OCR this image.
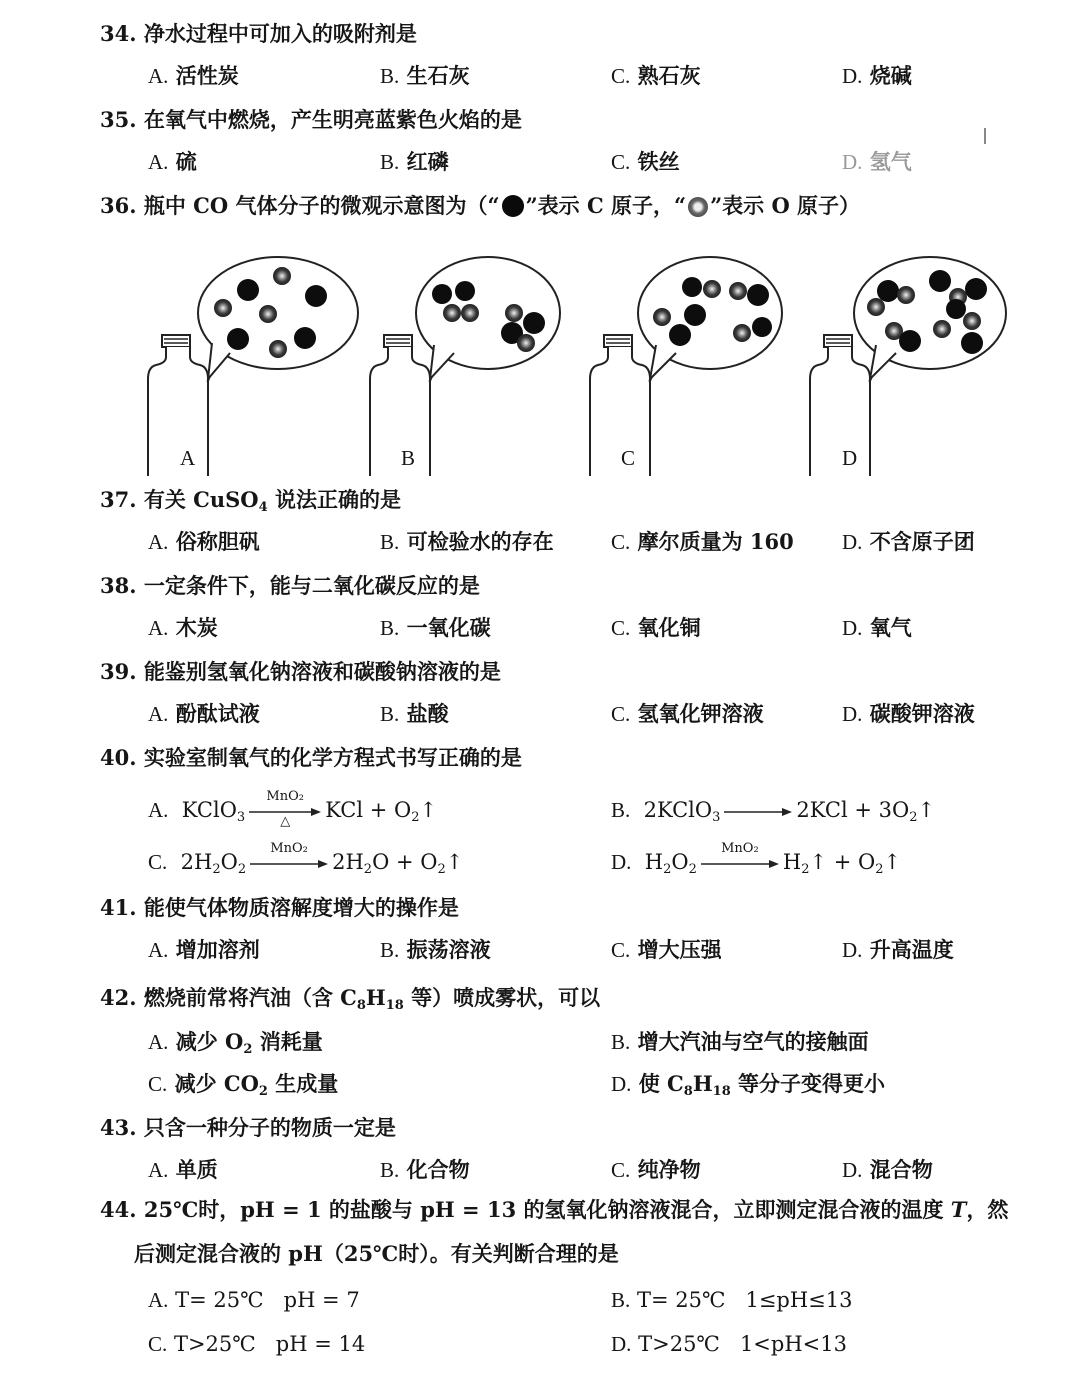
34. 净水过程中可加入的吸附剂是
A. 活性炭	B. 生石灰	C. 熟石灰	D. 烧碱
35. 在氧气中燃烧，产生明亮蓝紫色火焰的是
A. 硫	B. 红磷	C. 铁丝	D. 氢气
36. 瓶中 CO 气体分子的微观示意图为（“ ”表示 C 原子，“ ”表示 O 原子）
A	B	C	D
37. 有关 CuSO$_4$ 说法正确的是
A. 俗称胆矾	B. 可检验水的存在	C. 摩尔质量为 160 D. 不含原子团
38. 一定条件下，能与二氧化碳反应的是
A. 木炭	B. 一氧化碳	C. 氧化铜	D. 氧气
39. 能鉴别氢氧化钠溶液和碳酸钠溶液的是
A. 酚酞试液	B. 盐酸	C. 氢氧化钾溶液	D. 碳酸钾溶液
40. 实验室制氧气的化学方程式书写正确的是
A. KClO$_3$
MnO₂
△	KCl + $O_2↑$	B. 2KClO$_3$ → $2KCl + 3O_2↑$
C. $2H_2O_2$
MnO₂
$2H_2O$ + $O_2↑$	D. $H_2O_2$
MnO₂
$H_2↑$ + $O_2↑$
41. 能使气体物质溶解度增大的操作是
A. 增加溶剂	B. 振荡溶液	C. 增大压强	D. 升高温度
42. 燃烧前常将汽油（含 $C_8H_{18}$ 等）喷成雾状，可以
A. 减少 $O_2$ 消耗量	B. 增大汽油与空气的接触面
C. 减少 $CO_2$ 生成量	D. 使 $C_8H_{18}$ 等分子变得更小
43. 只含一种分子的物质一定是
A. 单质	B. 化合物	C. 纯净物	D. 混合物
44. 25℃时，pH = 1 的盐酸与 pH = 13 的氢氧化钠溶液混合，立即测定混合液的温度 T，然
后测定混合液的 pH（25℃时）。有关判断合理的是
A. T= 25℃   pH = 7	B. T= 25℃   1≤pH≤13
C. T>25℃   pH = 14	D. T>25℃   1<pH<13
